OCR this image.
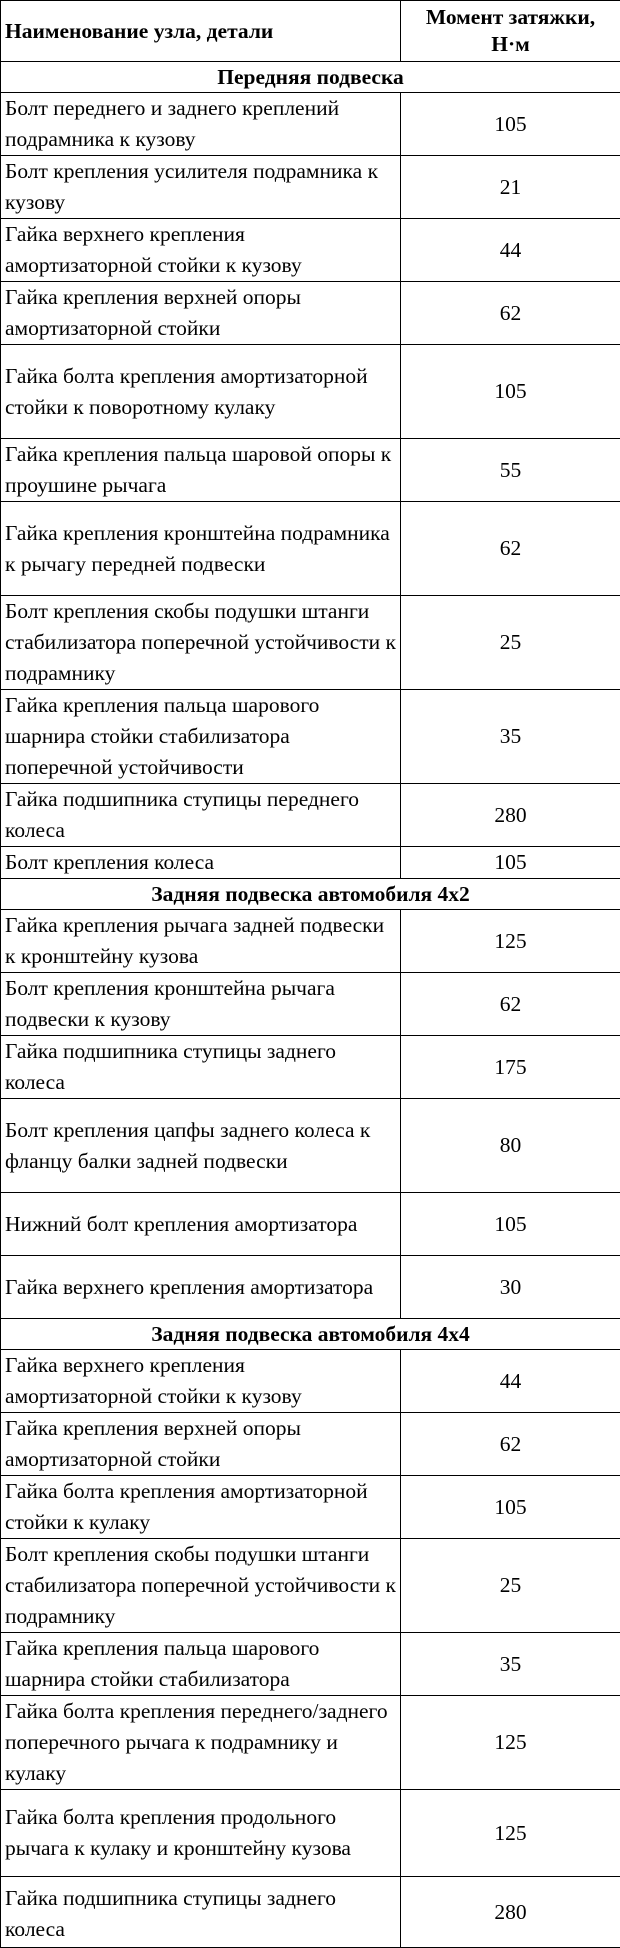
Наименование узла, детали	Момент затяжки, Н·м
Передняя подвеска	
Болт переднего и заднего креплений подрамника к кузову	105
Болт крепления усилителя подрамника к кузову	21
Гайка верхнего крепления амортизаторной стойки к кузову	44
Гайка крепления верхней опоры амортизаторной стойки	62
Гайка болта крепления амортизаторной стойки к поворотному кулаку	105
Гайка крепления пальца шаровой опоры к проушине рычага	55
Гайка крепления кронштейна подрамника к рычагу передней подвески	62
Болт крепления скобы подушки штанги стабилизатора поперечной устойчивости к подрамнику	25
Гайка крепления пальца шарового шарнира стойки стабилизатора поперечной устойчивости	35
Гайка подшипника ступицы переднего колеса	280
Болт крепления колеса	105
Задняя подвеска автомобиля 4х2	
Гайка крепления рычага задней подвески к кронштейну кузова	125
Болт крепления кронштейна рычага подвески к кузову	62
Гайка подшипника ступицы заднего колеса	175
Болт крепления цапфы заднего колеса к фланцу балки задней подвески	80
Нижний болт крепления амортизатора	105
Гайка верхнего крепления амортизатора	30
Задняя подвеска автомобиля 4х4	
Гайка верхнего крепления амортизаторной стойки к кузову	44
Гайка крепления верхней опоры амортизаторной стойки	62
Гайка болта крепления амортизаторной стойки к кулаку	105
Болт крепления скобы подушки штанги стабилизатора поперечной устойчивости к подрамнику	25
Гайка крепления пальца шарового шарнира стойки стабилизатора	35
Гайка болта крепления переднего/заднего поперечного рычага к подрамнику и кулаку	125
Гайка болта крепления продольного рычага к кулаку и кронштейну кузова	125
Гайка подшипника ступицы заднего колеса	280
